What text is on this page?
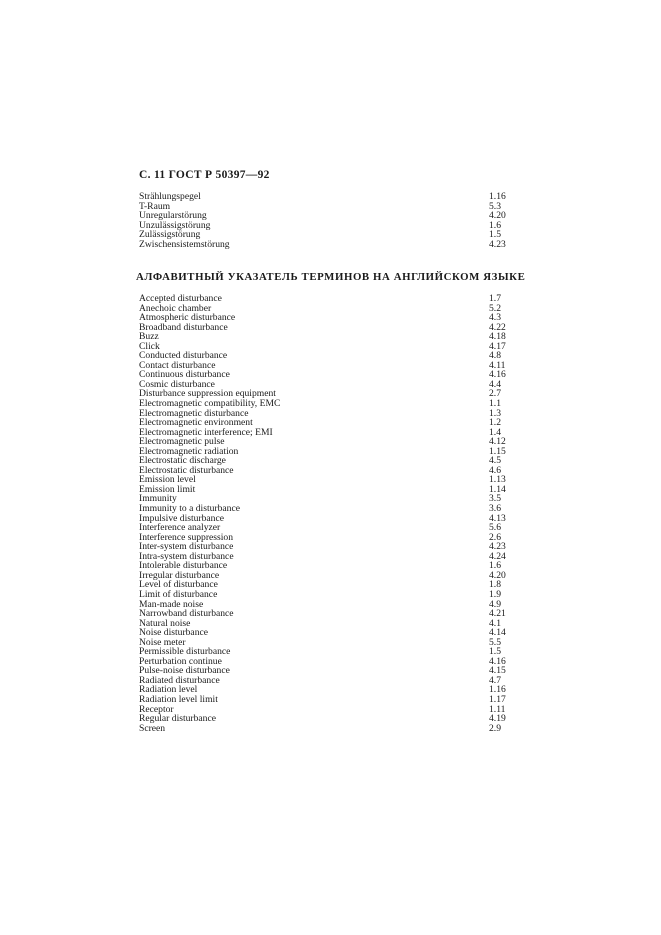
С. 11 ГОСТ Р 50397—92
Strählungspegel	1.16
T-Raum	5.3
Unregularstörung	4.20
Unzulässigstörung	1.6
Zulässigstörung	1.5
Zwischensistemstörung	4.23
АЛФАВИТНЫЙ УКАЗАТЕЛЬ ТЕРМИНОВ НА АНГЛИЙСКОМ ЯЗЫКЕ
Accepted disturbance	1.7
Anechoic chamber	5.2
Atmospheric disturbance	4.3
Broadband disturbance	4.22
Buzz	4.18
Click	4.17
Conducted disturbance	4.8
Contact disturbance	4.11
Continuous disturbance	4.16
Cosmic disturbance	4.4
Disturbance suppression equipment	2.7
Electromagnetic compatibility, EMC	1.1
Electromagnetic disturbance	1.3
Electromagnetic environment	1.2
Electromagnetic interference; EMI	1.4
Electromagnetic pulse	4.12
Electromagnetic radiation	1.15
Electrostatic discharge	4.5
Electrostatic disturbance	4.6
Emission level	1.13
Emission limit	1.14
Immunity	3.5
Immunity to a disturbance	3.6
Impulsive disturbance	4.13
Interference analyzer	5.6
Interference suppression	2.6
Inter-system disturbance	4.23
Intra-system disturbance	4.24
Intolerable disturbance	1.6
Irregular disturbance	4.20
Level of disturbance	1.8
Limit of disturbance	1.9
Man-made noise	4.9
Narrowband disturbance	4.21
Natural noise	4.1
Noise disturbance	4.14
Noise meter	5.5
Permissible disturbance	1.5
Perturbation continue	4.16
Pulse-noise disturbance	4.15
Radiated disturbance	4.7
Radiation level	1.16
Radiation level limit	1.17
Receptor	1.11
Regular disturbance	4.19
Screen	2.9
